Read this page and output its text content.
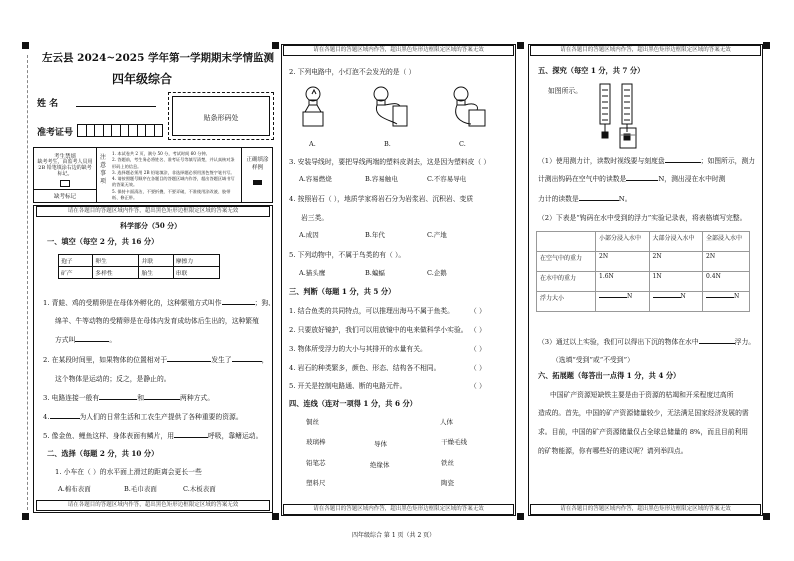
左云县 2024~2025 学年第一学期期末学情监测
四年级综合
姓 名
准考证号

贴条形码处
考生禁填
缺考考生，由监考人员用 2B 铅笔填涂右边的缺考标记。
缺考标记
注意事项
1. 本试卷共 2 页，满分 50 分，考试时间 60 分钟。
2. 答题前，考生务必将姓名、准考证号等填写清楚，并认真核对条形码上的信息。
3. 选择题必须用 2B 铅笔填涂，非选择题必须用黑色签字笔书写。
4. 请按照题号顺序在各题目的答题区域内作答，超出答题区域书写的答案无效。
5. 保持卡面清洁，不要折叠，不要弄破，不准使用涂改液、胶带纸、修正带。
正确填涂样例
请在各题目的答题区域内作答，超出黑色矩形边框限定区域的答案无效
请在各题目的答题区域内作答，超出黑色矩形边框限定区域的答案无效
科学部分（50 分）
一、填空（每空 2 分，共 16 分）
孢子	卵生	并联	摩擦力
矿产	多样性	胎生	串联
1. 青蛙、鸡的受精卵是在母体外孵化的，这种繁殖方式叫作	；狗、
绵羊、牛等动物的受精卵是在母体内发育成幼体后生出的，这种繁殖
方式叫	。
2. 在某段时间里，如果物体的位置相对于	发生了	，
这个物体是运动的；反之，是静止的。
3. 电路连接一般有	和	两种方式。
4.	为人们的日常生活和工农生产提供了各种重要的资源。
5. 像金鱼、鲤鱼这样、身体表面有鳞片，用	呼吸，靠鳍运动。
二、选择（每题 2 分，共 10 分）
1. 小车在（ ）的水平面上滑过的距离会更长一些
A.棉布表面	B.毛巾表面	C.木板表面
请在各题目的答题区域内作答，超出黑色矩形边框限定区域的答案无效
请在各题目的答题区域内作答，超出黑色矩形边框限定区域的答案无效
2. 下列电路中，小灯泡不会发光的是（ ）
A.	B.	C.
3. 安装导线时，要把导线两端的塑料皮剥去，这是因为塑料皮（ ）
A.容易燃烧	B.容易触电	C.不容易导电
4. 按照岩石（ ），地质学家将岩石分为岩浆岩、沉积岩、变质
岩三类。
A.成因	B.年代	C.产地
5. 下列动物中，不属于鸟类的有（ ）。
A.猫头鹰	B.蝙蝠	C.企鹅
三、判断（每题 1 分，共 5 分）
1. 结合鱼类的共同特点，可以推理出海马不属于鱼类。 （ ）
2. 只要放好镜护，我们可以用放镜中的电来做科学小实验。 （ ）
3. 物体所受浮力的大小与其排开的水量有关。	（ ）
4. 岩石的种类繁多，颜色、形态、结构各不相同。	（ ）
5. 开关是控制电路通、断的电路元件。	（ ）
四、连线（连对一项得 1 分，共 6 分）
铜丝
玻璃棒
铅笔芯
塑料尺
导体
绝缘体
人体
干燥毛线
铁丝
陶瓷
四年级综合 第 1 页（共 2 页）
请在各题目的答题区域内作答，超出黑色矩形边框限定区域的答案无效
请在各题目的答题区域内作答，超出黑色矩形边框限定区域的答案无效
五、探究（每空 1 分，共 7 分）
如图所示。
（1）使用测力计，读数时视线要与刻度盘	；如图所示，测力
计测出钩码在空气中的读数是	N，测出浸在水中时测
力计的读数是	N。
（2）下表是“钩码在水中受到的浮力”实验记录表，将表格填写完整。
	小部分浸入水中	大部分浸入水中	全部浸入水中
在空气中的重力	2N	2N	2N
在水中的重力	1.6N	1N	0.4N
浮力大小	N	N	N
（3）通过以上实验，我们可以得出下沉的物体在水中	浮力。
（选填“受到”或“不受到”）
六、拓展题（每答出一点得 1 分，共 4 分）
中国矿产资源短缺铁主要是由于资源的枯竭和开采程度过高所
造成的。首先，中国的矿产资源储量较少，无法满足国家经济发展的需
求。目前，中国的矿产资源储量仅占全球总储量的 8%，而且目前利用
的矿物能源，你有哪些好的建议呢？请列举四点。
